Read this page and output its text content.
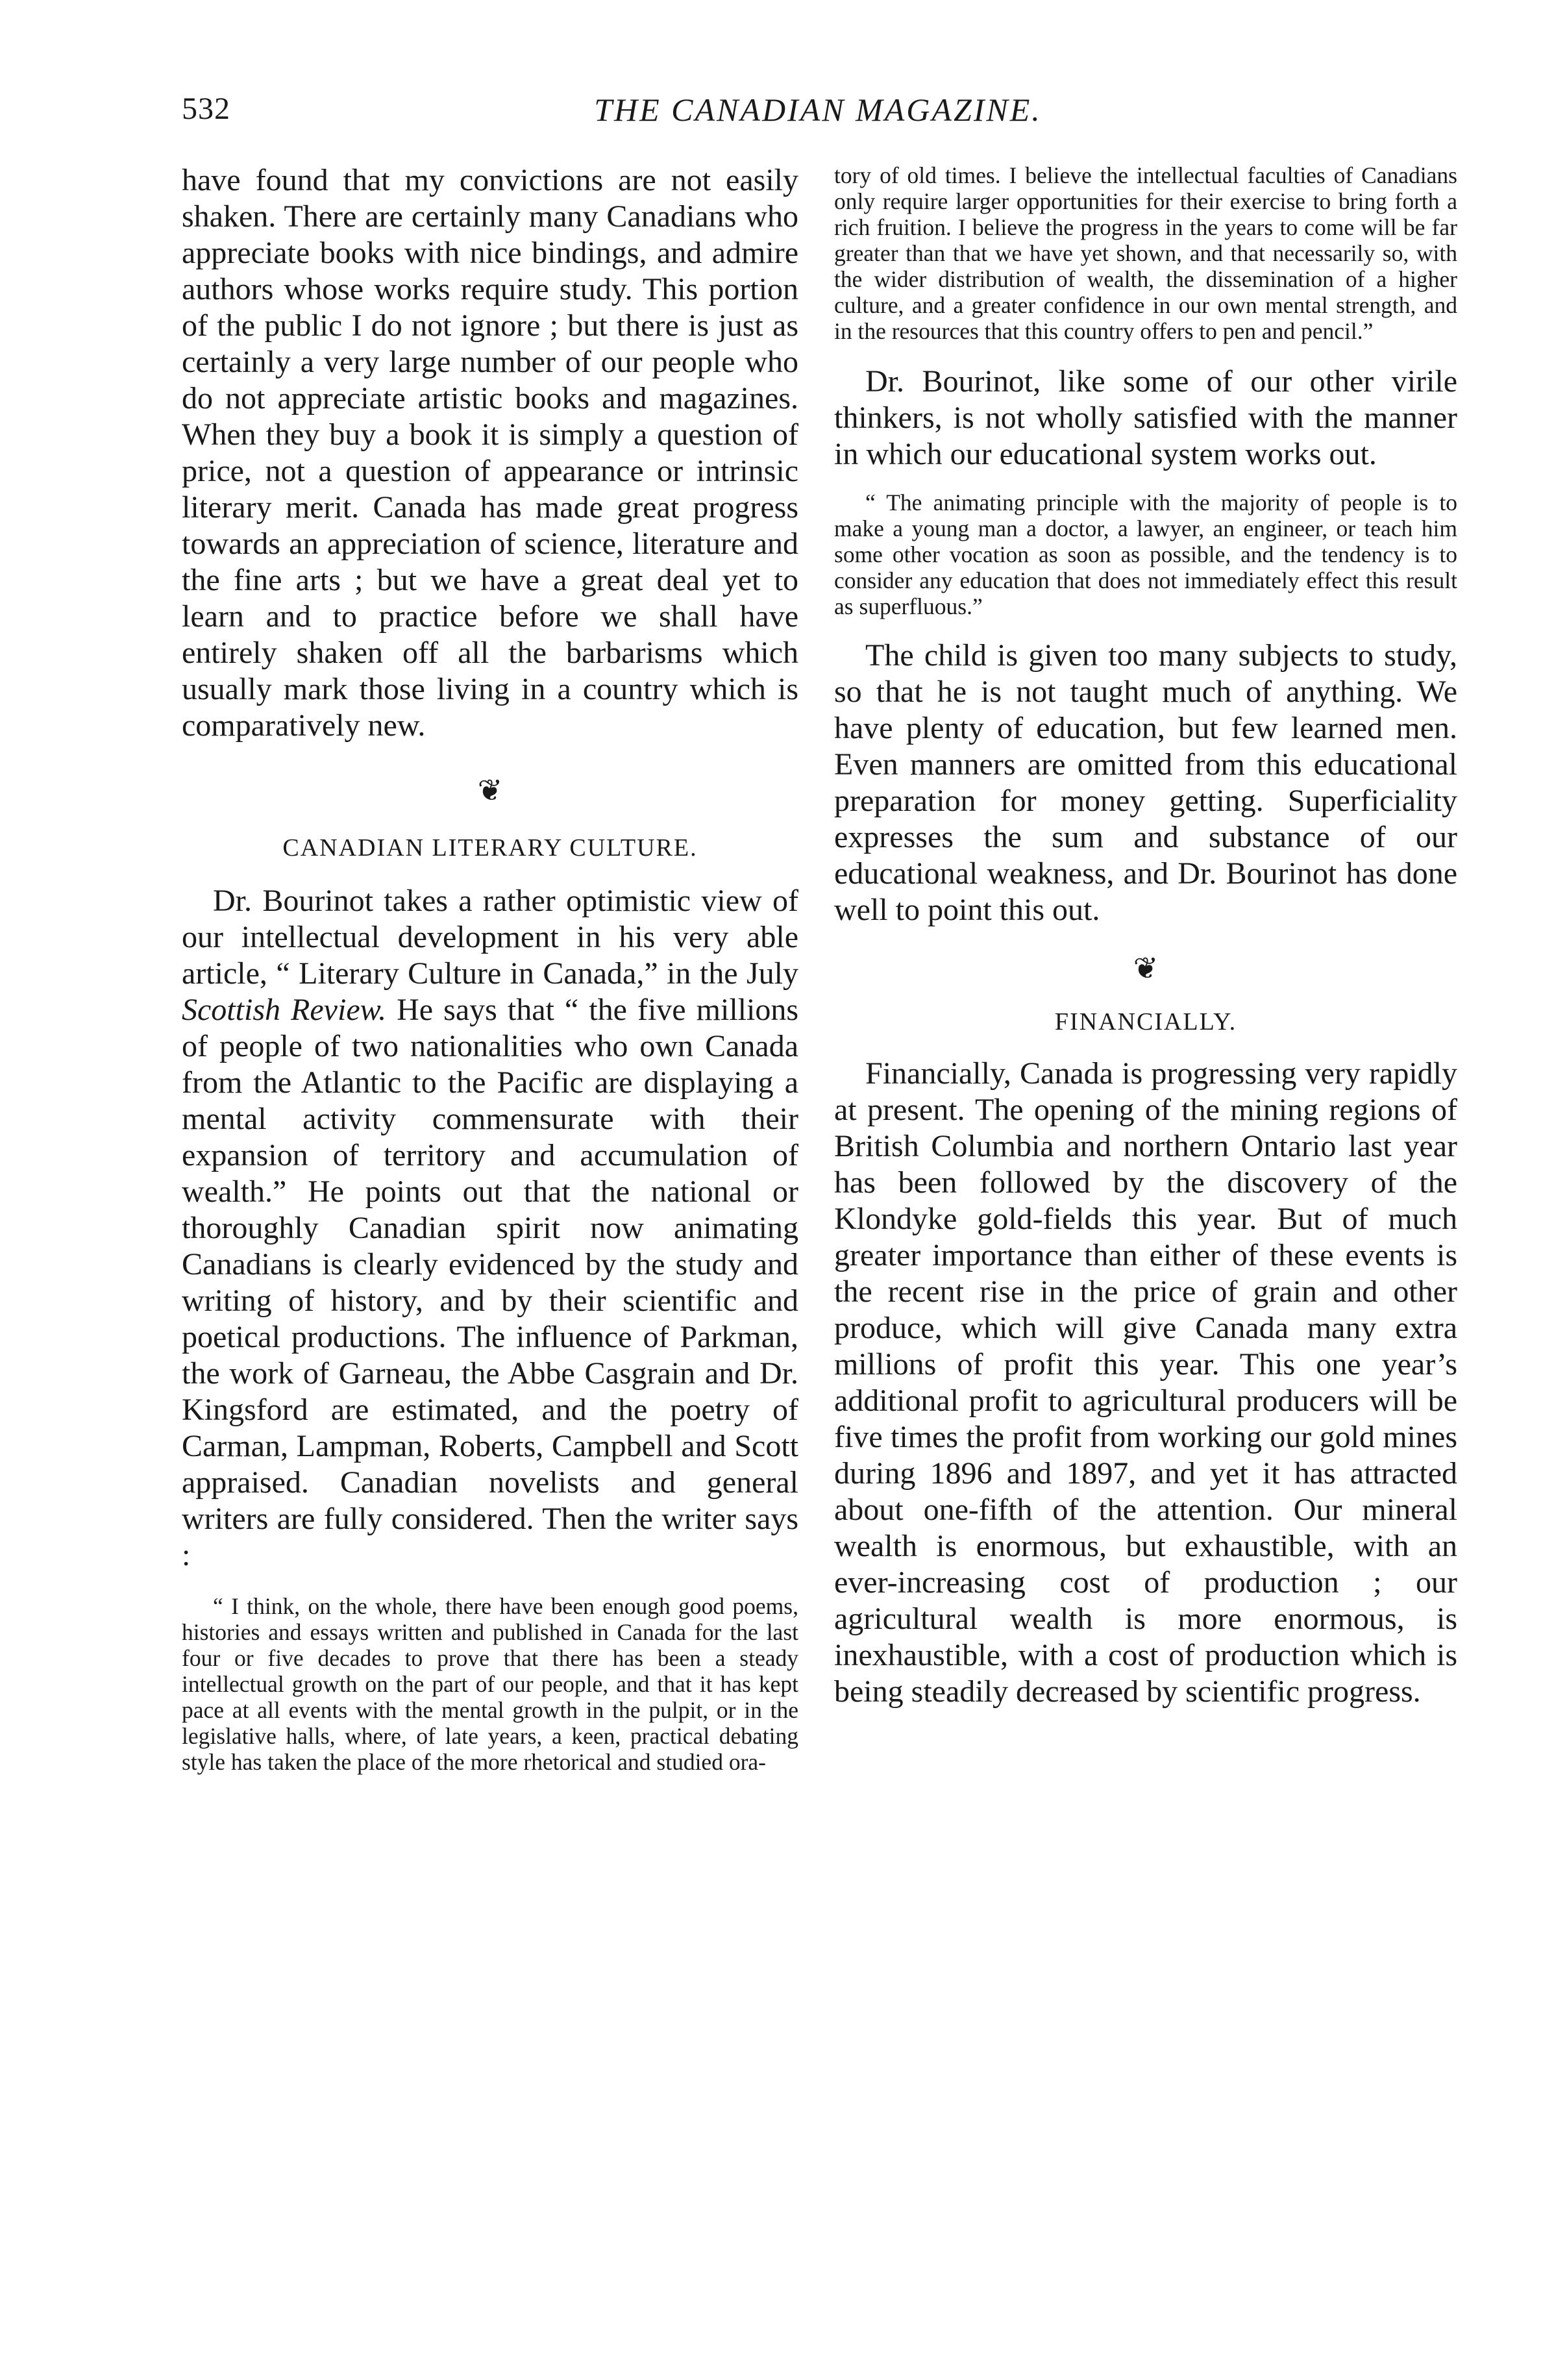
532	THE CANADIAN MAGAZINE.

have found that my convictions are not easily shaken. There are certainly many Canadians who appreciate books with nice bindings, and admire authors whose works require study. This portion of the public I do not ignore ; but there is just as certainly a very large number of our people who do not appreciate artistic books and magazines. When they buy a book it is simply a question of price, not a question of appearance or intrinsic literary merit. Canada has made great progress towards an appreciation of science, literature and the fine arts ; but we have a great deal yet to learn and to practice before we shall have entirely shaken off all the barbarisms which usually mark those living in a country which is comparatively new.

❦

CANADIAN LITERARY CULTURE.

Dr. Bourinot takes a rather optimistic view of our intellectual development in his very able article, “ Literary Culture in Canada,” in the July Scottish Review. He says that “ the five millions of people of two nationalities who own Canada from the Atlantic to the Pacific are displaying a mental activity commensurate with their expansion of territory and accumulation of wealth.” He points out that the national or thoroughly Canadian spirit now animating Canadians is clearly evidenced by the study and writing of history, and by their scientific and poetical productions. The influence of Parkman, the work of Garneau, the Abbe Casgrain and Dr. Kingsford are estimated, and the poetry of Carman, Lampman, Roberts, Campbell and Scott appraised. Canadian novelists and general writers are fully considered. Then the writer says :

“ I think, on the whole, there have been enough good poems, histories and essays written and published in Canada for the last four or five decades to prove that there has been a steady intellectual growth on the part of our people, and that it has kept pace at all events with the mental growth in the pulpit, or in the legislative halls, where, of late years, a keen, practical debating style has taken the place of the more rhetorical and studied ora-

tory of old times. I believe the intellectual faculties of Canadians only require larger opportunities for their exercise to bring forth a rich fruition. I believe the progress in the years to come will be far greater than that we have yet shown, and that necessarily so, with the wider distribution of wealth, the dissemination of a higher culture, and a greater confidence in our own mental strength, and in the resources that this country offers to pen and pencil.”

Dr. Bourinot, like some of our other virile thinkers, is not wholly satisfied with the manner in which our educational system works out.

“ The animating principle with the majority of people is to make a young man a doctor, a lawyer, an engineer, or teach him some other vocation as soon as possible, and the tendency is to consider any education that does not immediately effect this result as superfluous.”

The child is given too many subjects to study, so that he is not taught much of anything. We have plenty of education, but few learned men. Even manners are omitted from this educational preparation for money getting. Superficiality expresses the sum and substance of our educational weakness, and Dr. Bourinot has done well to point this out.

❦

FINANCIALLY.

Financially, Canada is progressing very rapidly at present. The opening of the mining regions of British Columbia and northern Ontario last year has been followed by the discovery of the Klondyke gold-fields this year. But of much greater importance than either of these events is the recent rise in the price of grain and other produce, which will give Canada many extra millions of profit this year. This one year’s additional profit to agricultural producers will be five times the profit from working our gold mines during 1896 and 1897, and yet it has attracted about one-fifth of the attention. Our mineral wealth is enormous, but exhaustible, with an ever-increasing cost of production ; our agricultural wealth is more enormous, is inexhaustible, with a cost of production which is being steadily decreased by scientific progress.
